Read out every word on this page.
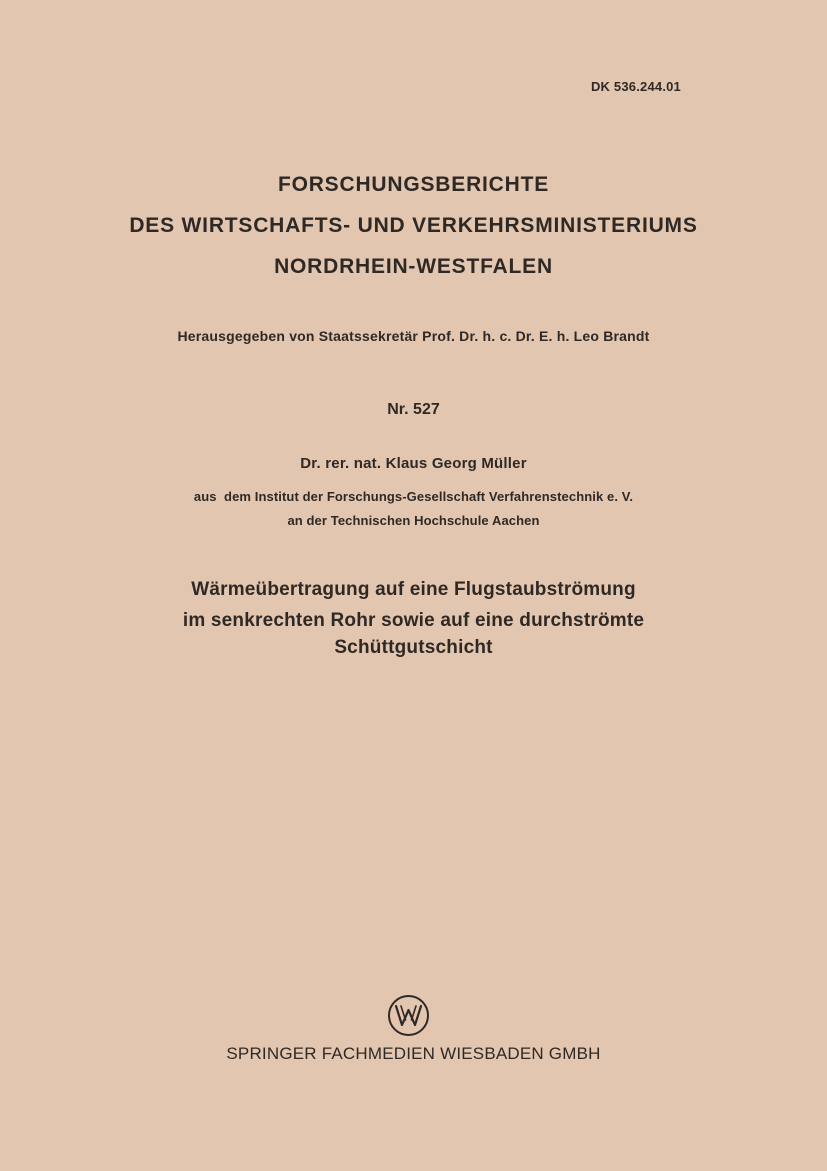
DK 536.244.01
FORSCHUNGSBERICHTE
DES WIRTSCHAFTS- UND VERKEHRSMINISTERIUMS
NORDRHEIN-WESTFALEN
Herausgegeben von Staatssekretär Prof. Dr. h. c. Dr. E. h. Leo Brandt
Nr. 527
Dr. rer. nat. Klaus Georg Müller
aus  dem Institut der Forschungs-Gesellschaft Verfahrenstechnik e. V.
an der Technischen Hochschule Aachen
Wärmeübertragung auf eine Flugstaubströmung
im senkrechten Rohr sowie auf eine durchströmte
Schüttgutschicht
SPRINGER FACHMEDIEN WIESBADEN GMBH
